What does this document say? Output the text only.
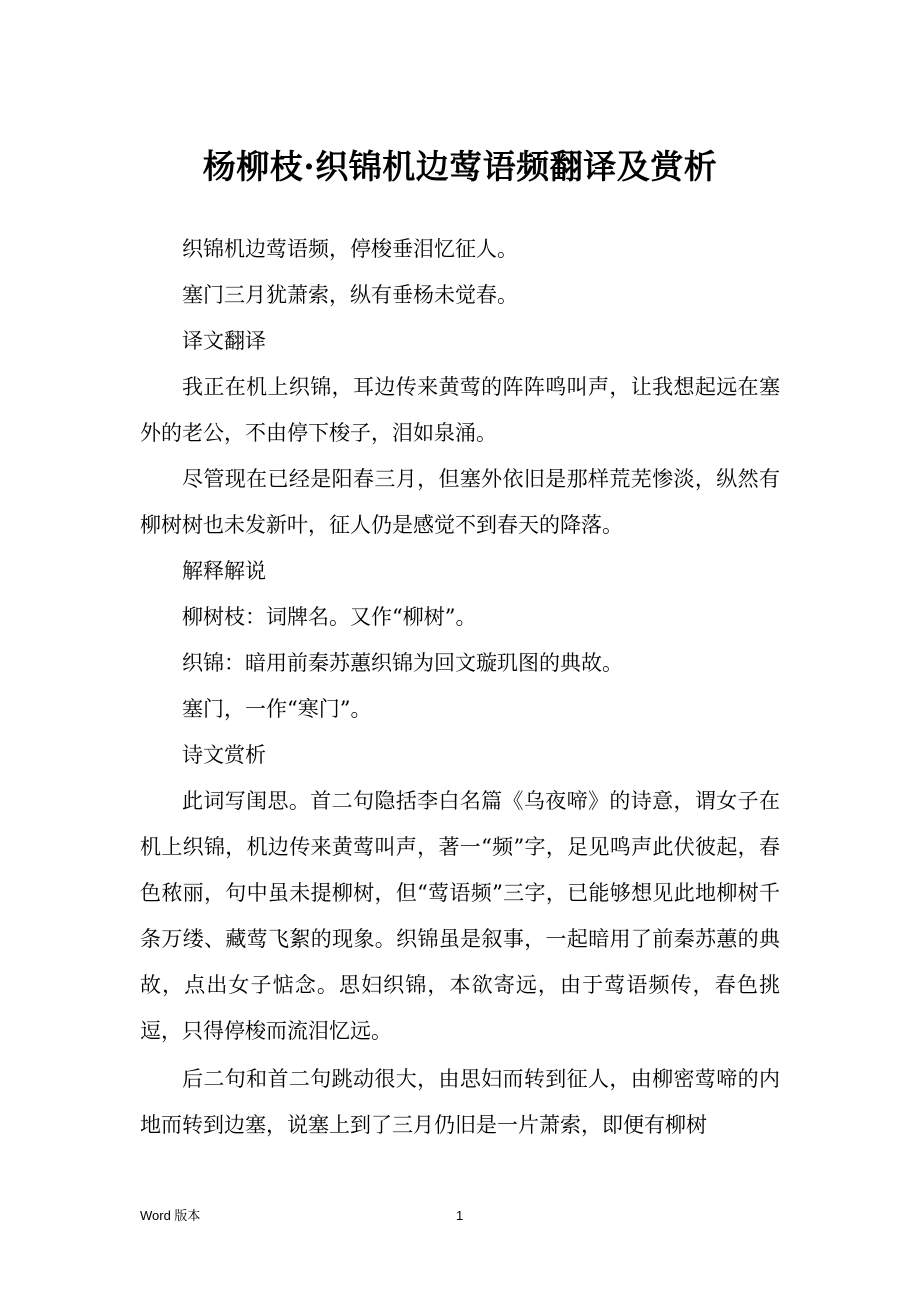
杨柳枝·织锦机边莺语频翻译及赏析

织锦机边莺语频，停梭垂泪忆征人。

塞门三月犹萧索，纵有垂杨未觉春。

译文翻译

我正在机上织锦，耳边传来黄莺的阵阵鸣叫声，让我想起远在塞外的老公，不由停下梭子，泪如泉涌。

尽管现在已经是阳春三月，但塞外依旧是那样荒芜惨淡，纵然有柳树树也未发新叶，征人仍是感觉不到春天的降落。

解释解说

柳树枝：词牌名。又作“柳树”。

织锦：暗用前秦苏蕙织锦为回文璇玑图的典故。

塞门，一作“寒门”。

诗文赏析

此词写闺思。首二句隐括李白名篇《乌夜啼》的诗意，谓女子在机上织锦，机边传来黄莺叫声，著一“频”字，足见鸣声此伏彼起，春色秾丽，句中虽未提柳树，但“莺语频”三字，已能够想见此地柳树千条万缕、藏莺飞絮的现象。织锦虽是叙事，一起暗用了前秦苏蕙的典故，点出女子惦念。思妇织锦，本欲寄远，由于莺语频传，春色挑逗，只得停梭而流泪忆远。

后二句和首二句跳动很大，由思妇而转到征人，由柳密莺啼的内地而转到边塞，说塞上到了三月仍旧是一片萧索，即便有柳树

Word 版本	1
